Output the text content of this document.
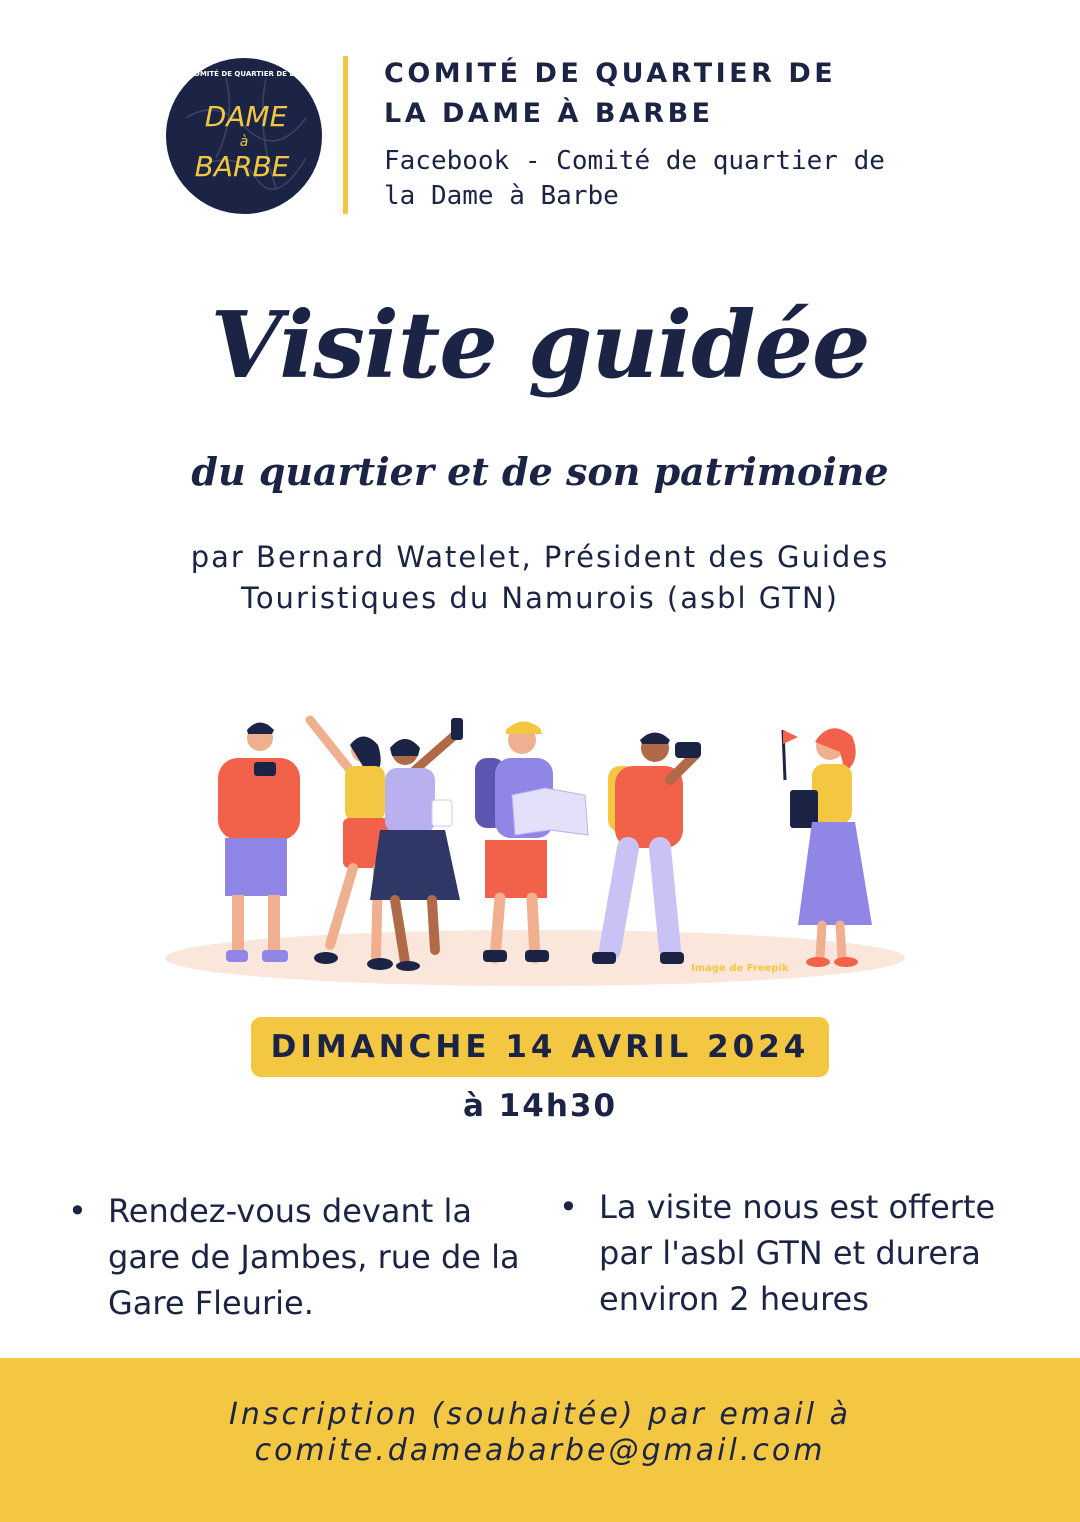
COMITÉ DE QUARTIER DE LA
DAME
à
BARBE
COMITÉ DE QUARTIER DE
LA DAME À BARBE
Facebook - Comité de quartier de
la Dame à Barbe
Visite guidée
du quartier et de son patrimoine
par Bernard Watelet, Président des Guides
Touristiques du Namurois (asbl GTN)
Image de Freepik
DIMANCHE 14 AVRIL 2024
à 14h30
• Rendez-vous devant la gare de Jambes, rue de la Gare Fleurie.
• La visite nous est offerte par l'asbl GTN et durera environ 2 heures
Inscription (souhaitée) par email à
comite.dameabarbe@gmail.com
